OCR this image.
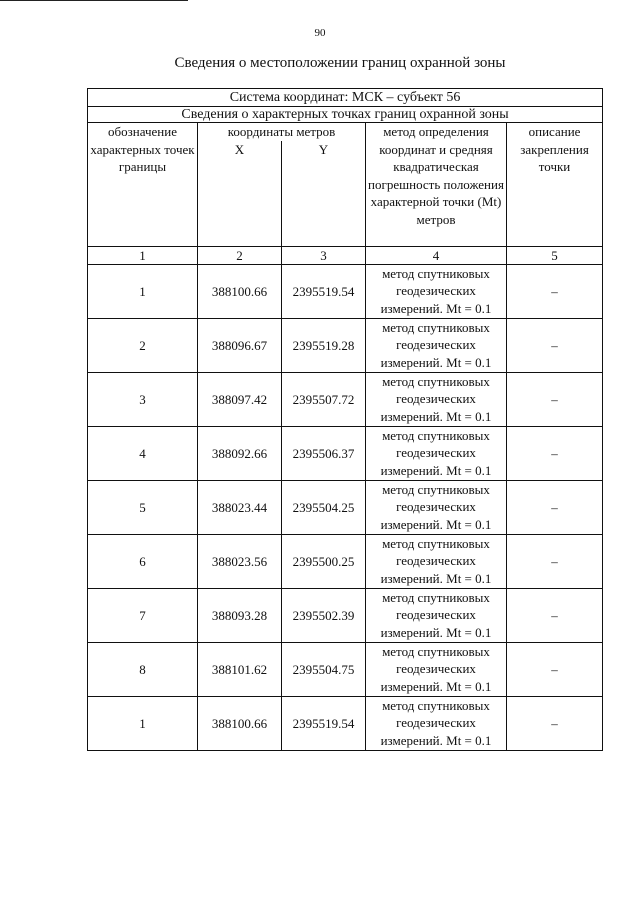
90
Сведения о местоположении границ охранной зоны
Система координат: МСК – субъект 56				
Сведения о характерных точках границ охранной зоны				
обозначение характерных точек границы	координаты метров		метод определения координат и средняя квадратическая погрешность положения характерной точки (Mt) метров	описание закрепления точки
	X	Y		
1	2	3	4	5
1	388100.66	2395519.54	метод спутниковых геодезических измерений. Mt = 0.1	–
2	388096.67	2395519.28	метод спутниковых геодезических измерений. Mt = 0.1	–
3	388097.42	2395507.72	метод спутниковых геодезических измерений. Mt = 0.1	–
4	388092.66	2395506.37	метод спутниковых геодезических измерений. Mt = 0.1	–
5	388023.44	2395504.25	метод спутниковых геодезических измерений. Mt = 0.1	–
6	388023.56	2395500.25	метод спутниковых геодезических измерений. Mt = 0.1	–
7	388093.28	2395502.39	метод спутниковых геодезических измерений. Mt = 0.1	–
8	388101.62	2395504.75	метод спутниковых геодезических измерений. Mt = 0.1	–
1	388100.66	2395519.54	метод спутниковых геодезических измерений. Mt = 0.1	–
